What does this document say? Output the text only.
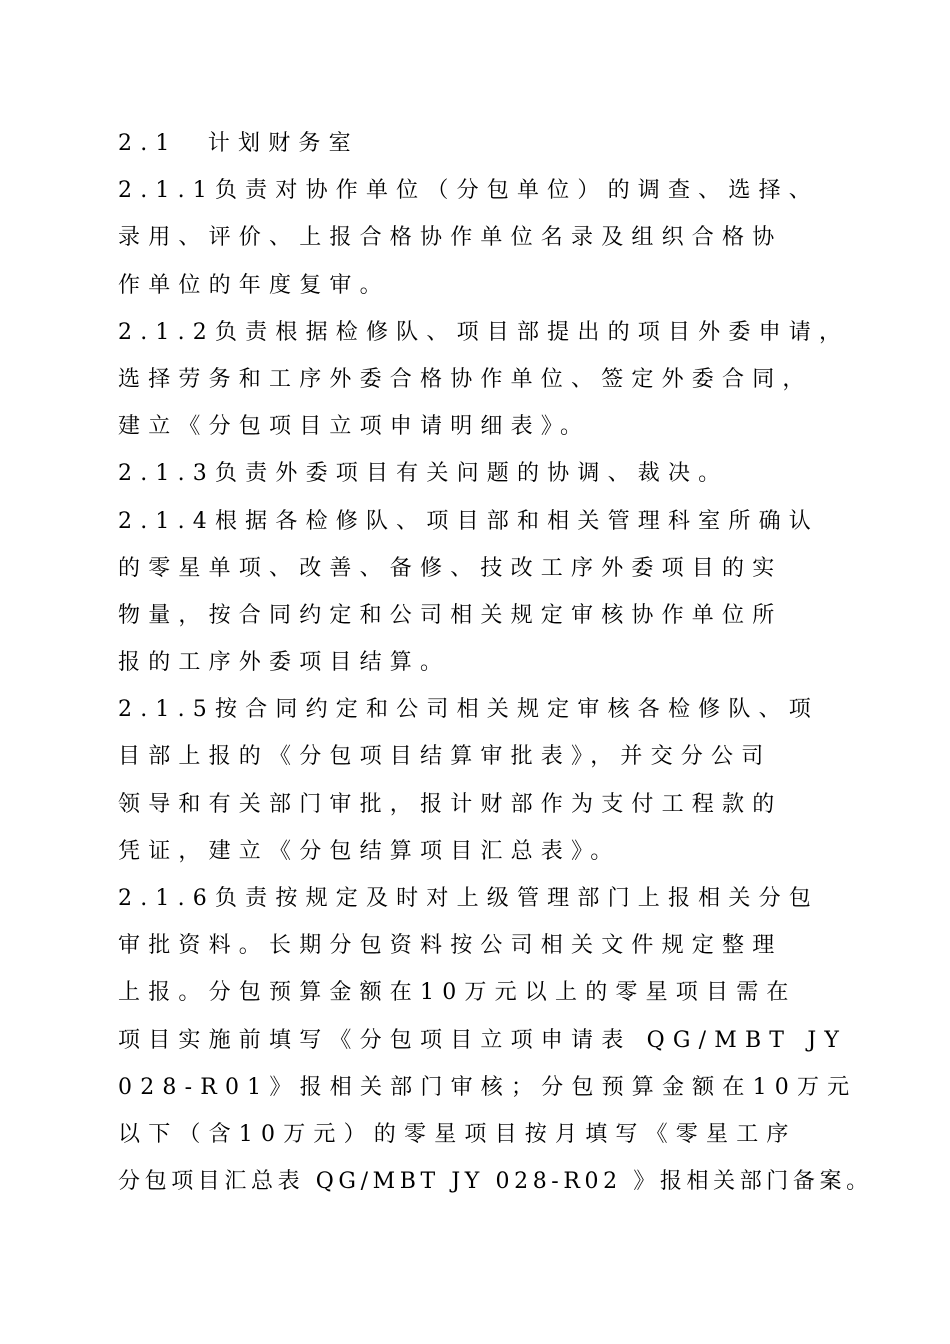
2.1　计划财务室
2.1.1负责对协作单位（分包单位）的调查、选择、
录用、评价、上报合格协作单位名录及组织合格协
作单位的年度复审。
2.1.2负责根据检修队、项目部提出的项目外委申请，
选择劳务和工序外委合格协作单位、签定外委合同，
建立《分包项目立项申请明细表》。
2.1.3负责外委项目有关问题的协调、裁决。
2.1.4根据各检修队、项目部和相关管理科室所确认
的零星单项、改善、备修、技改工序外委项目的实
物量，按合同约定和公司相关规定审核协作单位所
报的工序外委项目结算。
2.1.5按合同约定和公司相关规定审核各检修队、项
目部上报的《分包项目结算审批表》，并交分公司
领导和有关部门审批，报计财部作为支付工程款的
凭证，建立《分包结算项目汇总表》。
2.1.6负责按规定及时对上级管理部门上报相关分包
审批资料。长期分包资料按公司相关文件规定整理
上报。分包预算金额在10万元以上的零星项目需在
项目实施前填写《分包项目立项申请表 QG/MBT JY
028-R01》报相关部门审核；分包预算金额在10万元
以下（含10万元）的零星项目按月填写《零星工序
分包项目汇总表 QG/MBT JY 028-R02 》报相关部门备案。
